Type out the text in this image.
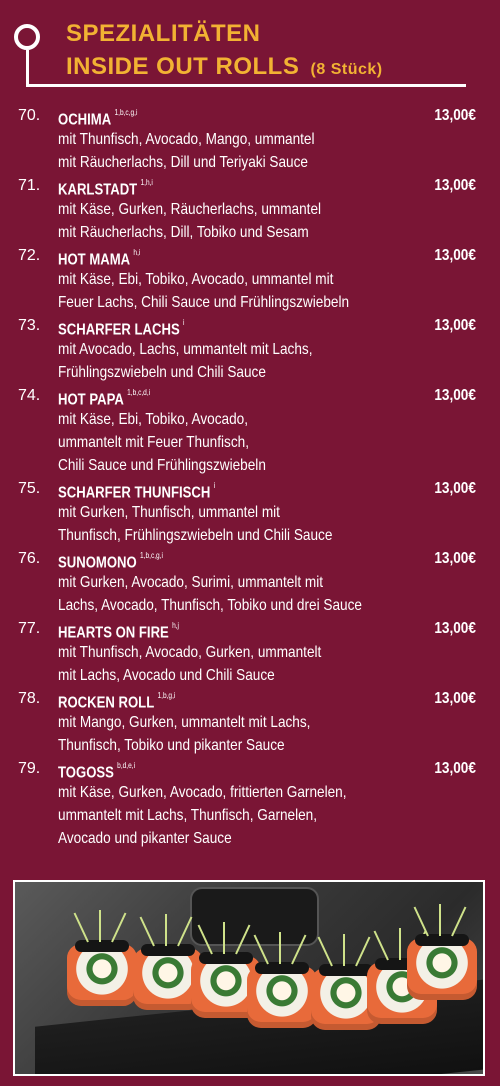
SPEZIALITÄTEN
INSIDE OUT ROLLS (8 Stück)
70.	OCHIMA $^{1,b,c,g,i}$	13,00€
mit Thunfisch, Avocado, Mango, ummantel
mit Räucherlachs, Dill und Teriyaki Sauce
71.	KARLSTADT $^{1,h,i}$	13,00€
mit Käse, Gurken, Räucherlachs, ummantel
mit Räucherlachs, Dill, Tobiko und Sesam
72.	HOT MAMA $^{h,i}$	13,00€
mit Käse, Ebi, Tobiko, Avocado, ummantel mit
Feuer Lachs, Chili Sauce und Frühlingszwiebeln
73.	SCHARFER LACHS $^i$	13,00€
mit Avocado, Lachs, ummantelt mit Lachs,
Frühlingszwiebeln und Chili Sauce
74.	HOT PAPA $^{1,b,c,d,i}$	13,00€
mit Käse, Ebi, Tobiko, Avocado,
ummantelt mit Feuer Thunfisch,
Chili Sauce und Frühlingszwiebeln
75.	SCHARFER THUNFISCH $^i$	13,00€
mit Gurken, Thunfisch, ummantel mit
Thunfisch, Frühlingszwiebeln und Chili Sauce
76.	SUNOMONO $^{1,b,c,g,i}$	13,00€
mit Gurken, Avocado, Surimi, ummantelt mit
Lachs, Avocado, Thunfisch, Tobiko und drei Sauce
77.	HEARTS ON FIRE $^{h,j}$	13,00€
mit Thunfisch, Avocado, Gurken, ummantelt
mit Lachs, Avocado und Chili Sauce
78.	ROCKEN ROLL $^{1,b,g,i}$	13,00€
mit Mango, Gurken, ummantelt mit Lachs,
Thunfisch, Tobiko und pikanter Sauce
79.	TOGOSS $^{b,d,e,i}$	13,00€
mit Käse, Gurken, Avocado, frittierten Garnelen,
ummantelt mit Lachs, Thunfisch, Garnelen,
Avocado und pikanter Sauce
